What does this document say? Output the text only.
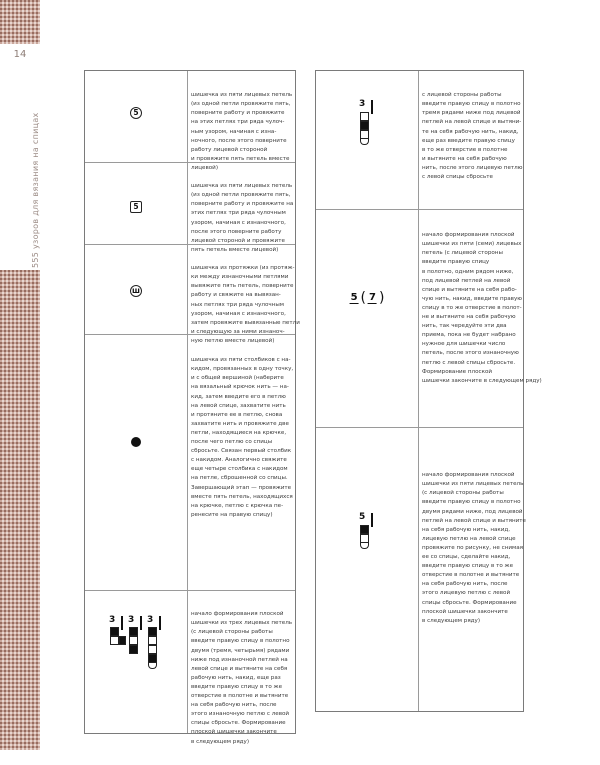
14
555 узоров для вязания на спицах
5

шишечка из пяти лицевых петель
(из одной петли провяжите пять,
поверните работу и провяжите
на этих петлях три ряда чулоч-
ным узором, начиная с изна-
ночного, после этого поверните
работу лицевой стороной
и провяжите пять петель вместе
лицевой)

5

шишечка из пяти лицевых петель
(из одной петли провяжите пять,
поверните работу и провяжите на
этих петлях три ряда чулочным
узором, начиная с изнаночного,
после этого поверните работу
лицевой стороной и провяжите
пять петель вместе лицевой)

ш

шишечка из протяжки (из протяж-
ки между изнаночными петлями
вывяжите пять петель, поверните
работу и свяжите на вывязан-
ных петлях три ряда чулочным
узором, начиная с изнаночного,
затем провяжите вывязанные петли
и следующую за ними изнаноч-
ную петлю вместе лицевой)

шишечка из пяти столбиков с на-
кидом, провязанных в одну точку,
и с общей вершиной (наберите
на вязальный крючок нить — на-
кид, затем введите его в петлю
на левой спице, захватите нить
и протяните ее в петлю, снова
захватите нить и провяжите две
петли, находящиеся на крючке,
после чего петлю со спицы
сбросьте. Связан первый столбик
с накидом. Аналогично свяжите
еще четыре столбика с накидом
на петле, сброшенной со спицы.
Завершающий этап — провяжите
вместе пять петель, находящихся
на крючке, петлю с крючка пе-
ренесите на правую спицу)

3 3 3

начало формирования плоской
шишечки из трех лицевых петель
(с лицевой стороны работы
введите правую спицу в полотно
двумя (тремя, четырьмя) рядами
ниже под изнаночной петлей на
левой спице и вытяните на себя
рабочую нить, накид, еще раз
введите правую спицу в то же
отверстие в полотне и вытяните
на себя рабочую нить, после
этого изнаночную петлю с левой
спицы сбросьте. Формирование
плоской шишечки закончите
в следующем ряду)

3

с лицевой стороны работы
введите правую спицу в полотно
тремя рядами ниже под лицевой
петлей на левой спице и вытяни-
те на себя рабочую нить, накид,
еще раз введите правую спицу
в то же отверстие в полотне
и вытяните на себя рабочую
нить, после этого лицевую петлю
с левой спицы сбросьте

5 ( 7 )

начало формирования плоской
шишечки из пяти (семи) лицевых
петель (с лицевой стороны
введите правую спицу
в полотно, одним рядом ниже,
под лицевой петлей на левой
спице и вытяните на себя рабо-
чую нить, накид, введите правую
спицу в то же отверстие в полот-
не и вытяните на себя рабочую
нить, так чередуйте эти два
приема, пока не будет набрано
нужное для шишечки число
петель, после этого изнаночную
петлю с левой спицы сбросьте.
Формирование плоской
шишечки закончите в следующем ряду)

5

начало формирования плоской
шишечки из пяти лицевых петель
(с лицевой стороны работы
введите правую спицу в полотно
двумя рядами ниже, под лицевой
петлей на левой спице и вытяните
на себя рабочую нить, накид,
лицевую петлю на левой спице
провяжите по рисунку, не снимая
ее со спицы, сделайте накид,
введите правую спицу в то же
отверстие в полотне и вытяните
на себя рабочую нить, после
этого лицевую петлю с левой
спицы сбросьте. Формирование
плоской шишечки закончите
в следующем ряду)
